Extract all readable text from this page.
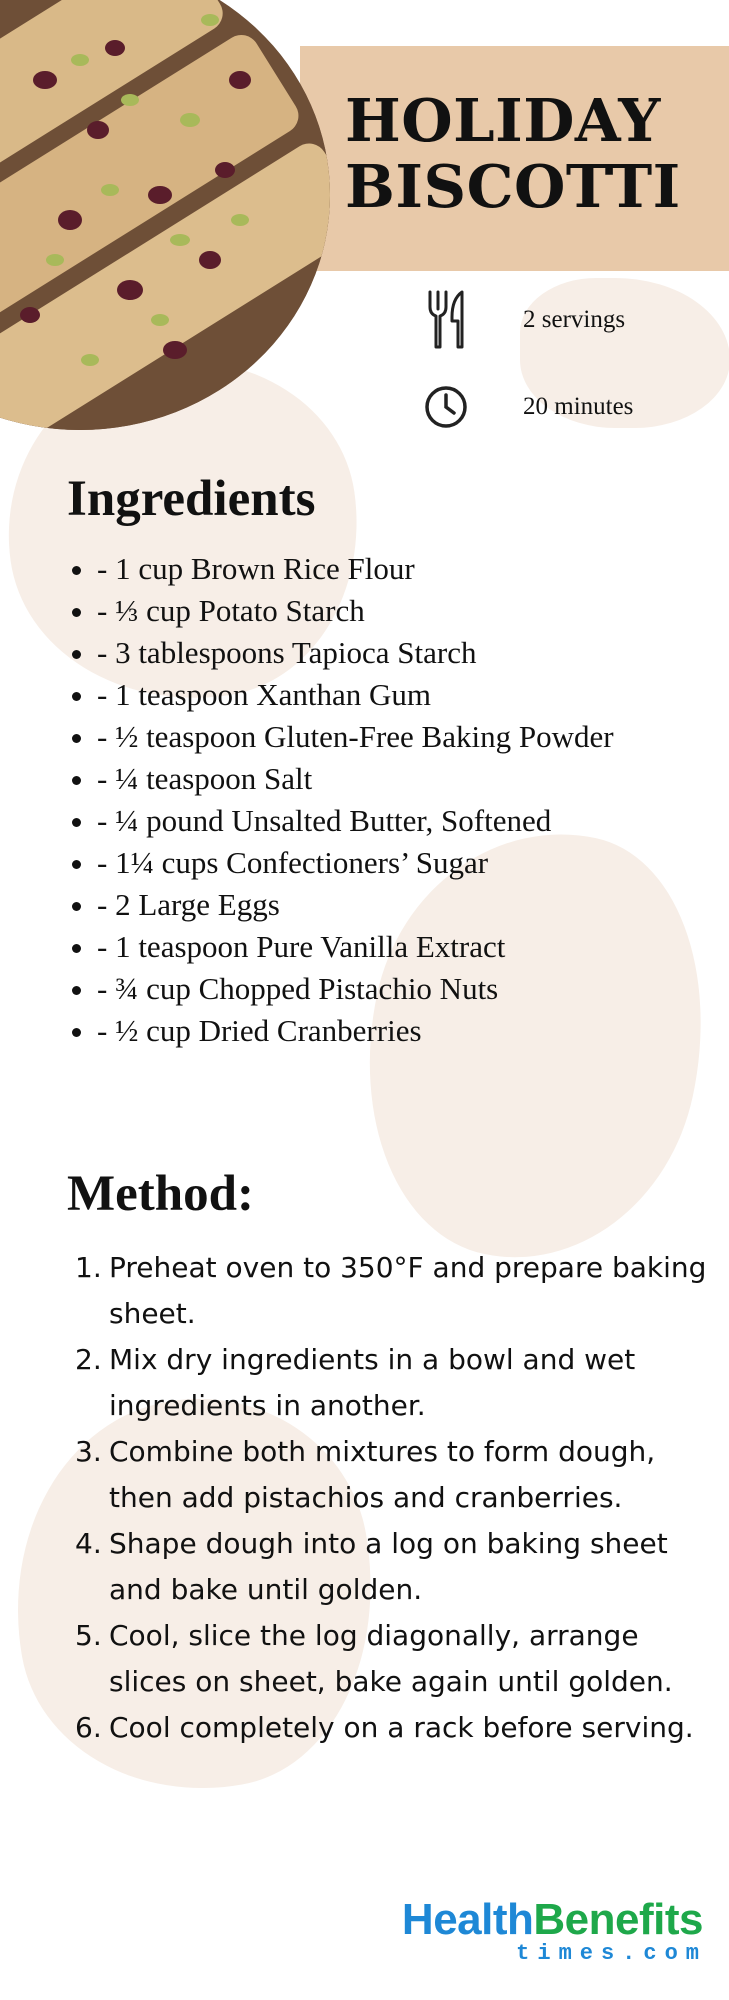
HOLIDAY
BISCOTTI
2 servings
20 minutes
Ingredients
• - 1 cup Brown Rice Flour
• - ⅓ cup Potato Starch
• - 3 tablespoons Tapioca Starch
• - 1 teaspoon Xanthan Gum
• - ½ teaspoon Gluten-Free Baking Powder
• - ¼ teaspoon Salt
• - ¼ pound Unsalted Butter, Softened
• - 1¼ cups Confectioners’ Sugar
• - 2 Large Eggs
• - 1 teaspoon Pure Vanilla Extract
• - ¾ cup Chopped Pistachio Nuts
• - ½ cup Dried Cranberries
Method:
Preheat oven to 350°F and prepare baking sheet.
Mix dry ingredients in a bowl and wet ingredients in another.
Combine both mixtures to form dough, then add pistachios and cranberries.
Shape dough into a log on baking sheet and bake until golden.
Cool, slice the log diagonally, arrange slices on sheet, bake again until golden.
Cool completely on a rack before serving.
HealthBenefits
times.com
